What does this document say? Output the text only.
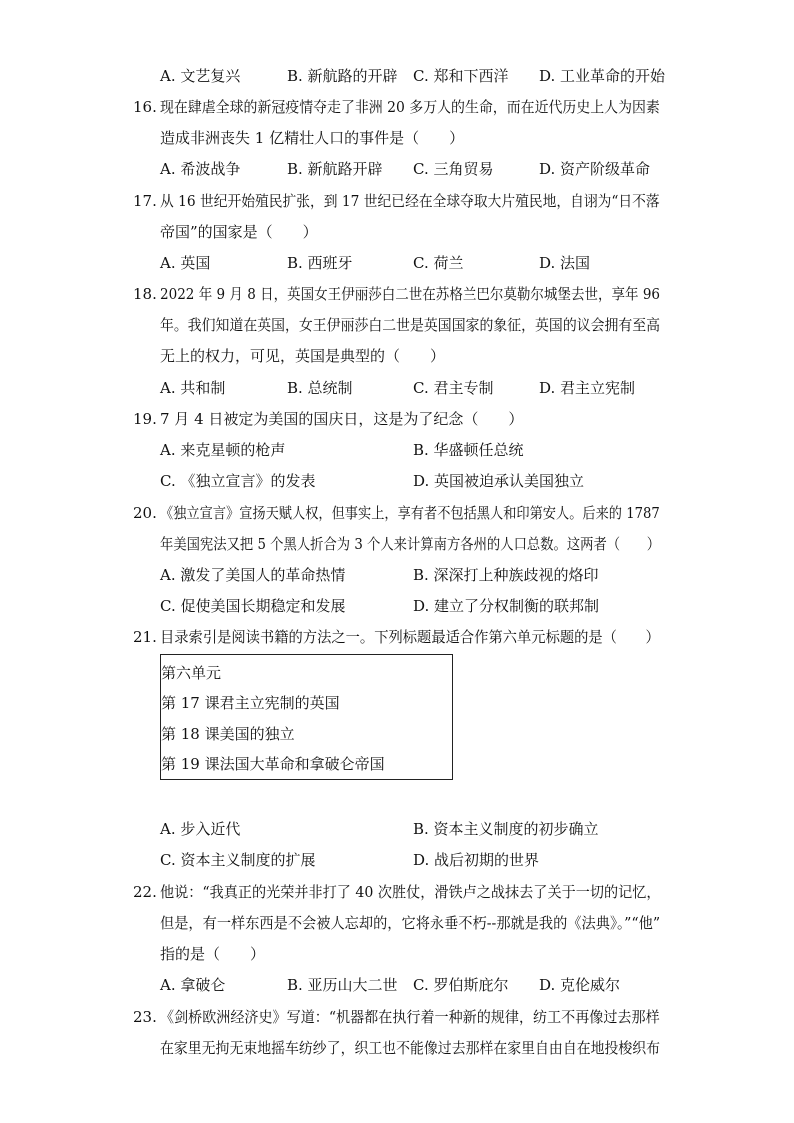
A. 文艺复兴	B. 新航路的开辟 C. 郑和下西洋 D. 工业革命的开始
16. 现在肆虐全球的新冠疫情夺走了非洲 20 多万人的生命，而在近代历史上人为因素
造成非洲丧失 1 亿精壮人口的事件是（　　）
A. 希波战争	B. 新航路开辟 C. 三角贸易	D. 资产阶级革命
17. 从 16 世纪开始殖民扩张，到 17 世纪已经在全球夺取大片殖民地，自诩为“日不落
帝国”的国家是（　　）
A. 英国	B. 西班牙	C. 荷兰	D. 法国
18. 2022 年 9 月 8 日，英国女王伊丽莎白二世在苏格兰巴尔莫勒尔城堡去世，享年 96
年。我们知道在英国，女王伊丽莎白二世是英国国家的象征，英国的议会拥有至高
无上的权力，可见，英国是典型的（　　）
A. 共和制	B. 总统制	C. 君主专制	D. 君主立宪制
19. 7 月 4 日被定为美国的国庆日，这是为了纪念（　　）
A. 来克星顿的枪声	B. 华盛顿任总统
C. 《独立宣言》的发表	D. 英国被迫承认美国独立
20. 《独立宣言》宣扬天赋人权，但事实上，享有者不包括黑人和印第安人。后来的 1787
年美国宪法又把 5 个黑人折合为 3 个人来计算南方各州的人口总数。这两者（　　）
A. 激发了美国人的革命热情	B. 深深打上种族歧视的烙印
C. 促使美国长期稳定和发展	D. 建立了分权制衡的联邦制
21. 目录索引是阅读书籍的方法之一。下列标题最适合作第六单元标题的是（　　）
第六单元
第 17 课君主立宪制的英国
第 18 课美国的独立
第 19 课法国大革命和拿破仑帝国
A. 步入近代	B. 资本主义制度的初步确立
C. 资本主义制度的扩展	D. 战后初期的世界
22. 他说：“我真正的光荣并非打了 40 次胜仗，滑铁卢之战抹去了关于一切的记忆，
但是，有一样东西是不会被人忘却的，它将永垂不朽--那就是我的《法典》。”“他”
指的是（　　）
A. 拿破仑	B. 亚历山大二世 C. 罗伯斯庇尔 D. 克伦威尔
23. 《剑桥欧洲经济史》写道：“机器都在执行着一种新的规律，纺工不再像过去那样
在家里无拘无束地摇车纺纱了，织工也不能像过去那样在家里自由自在地投梭织布
